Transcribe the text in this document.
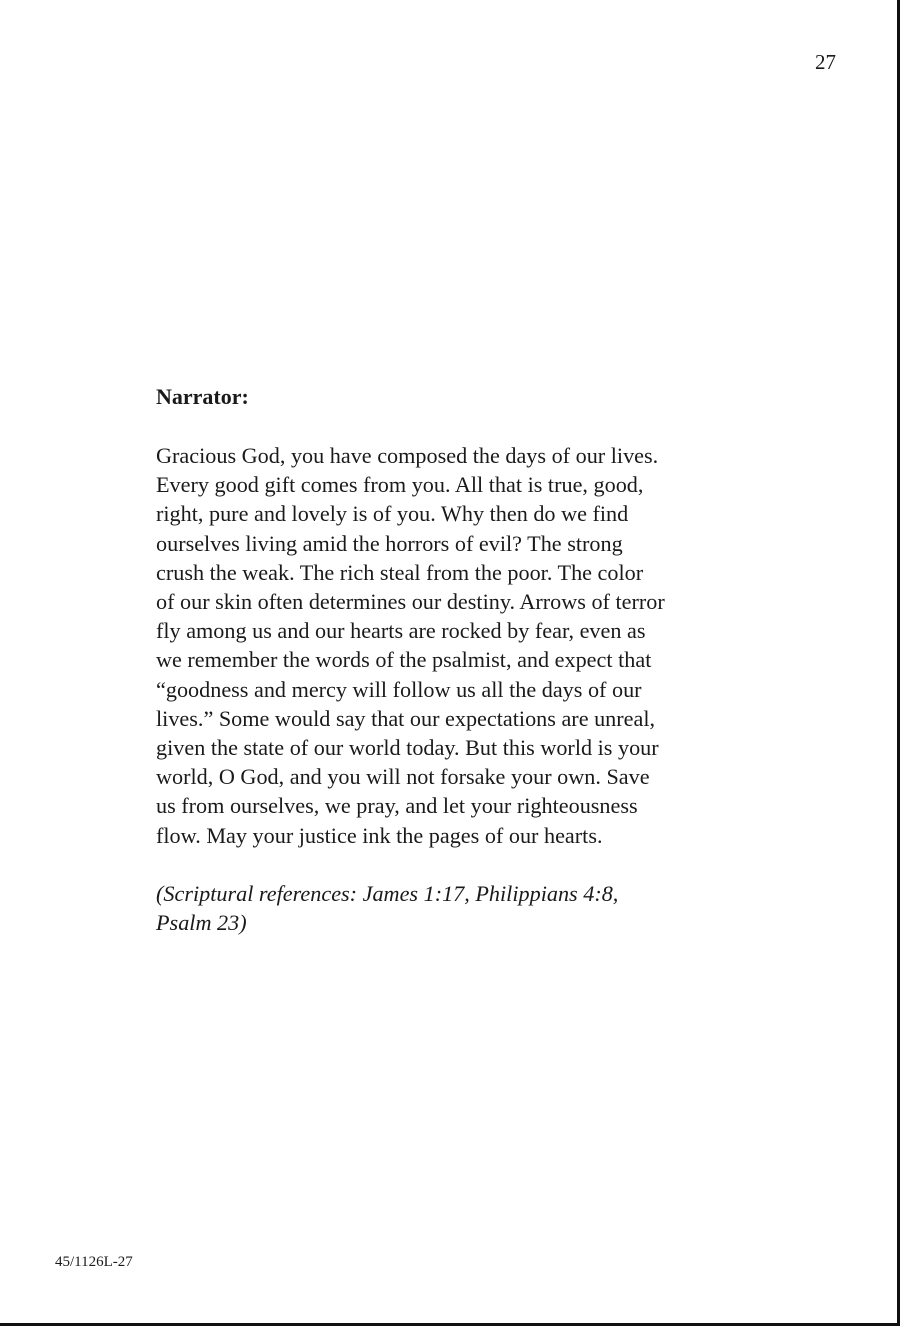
27

Narrator:

Gracious God, you have composed the days of our lives.
Every good gift comes from you. All that is true, good,
right, pure and lovely is of you. Why then do we find
ourselves living amid the horrors of evil? The strong
crush the weak. The rich steal from the poor. The color
of our skin often determines our destiny. Arrows of terror
fly among us and our hearts are rocked by fear, even as
we remember the words of the psalmist, and expect that
“goodness and mercy will follow us all the days of our
lives.” Some would say that our expectations are unreal,
given the state of our world today. But this world is your
world, O God, and you will not forsake your own. Save
us from ourselves, we pray, and let your righteousness
flow. May your justice ink the pages of our hearts.

(Scriptural references: James 1:17, Philippians 4:8,
Psalm 23)

45/1126L-27
